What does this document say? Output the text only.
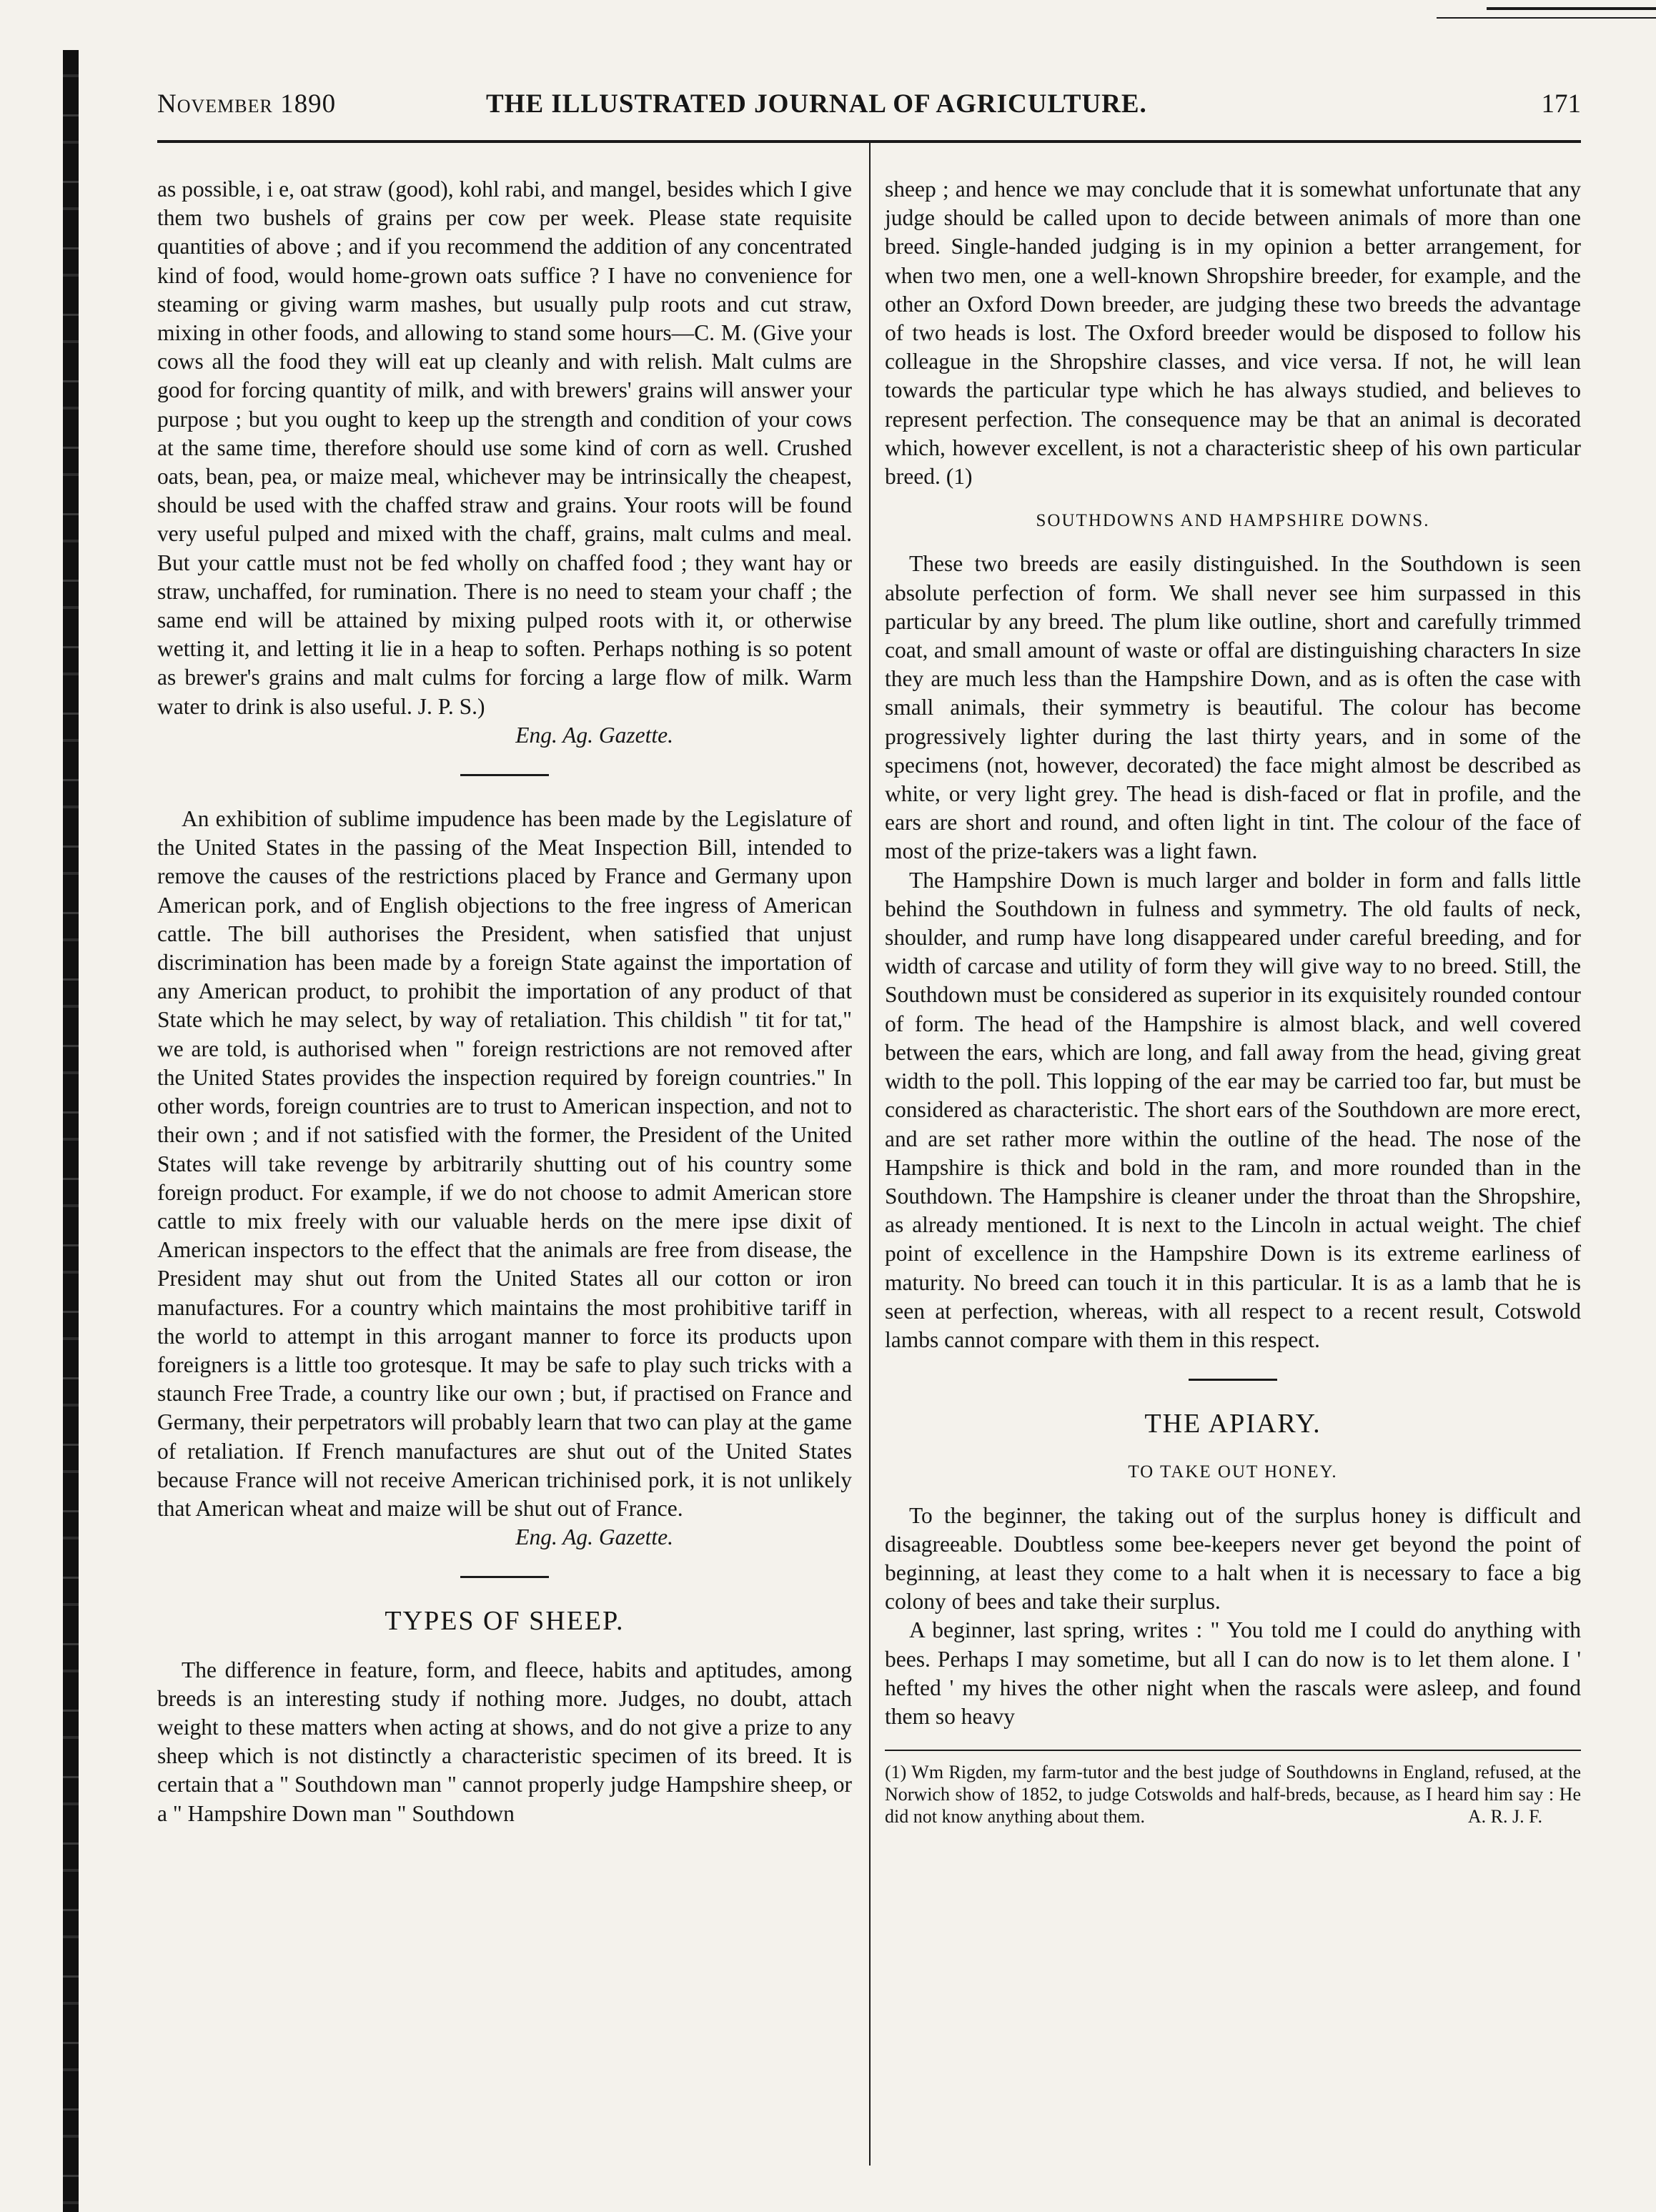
November 1890	THE ILLUSTRATED JOURNAL OF AGRICULTURE.	171

as possible, i e, oat straw (good), kohl rabi, and mangel, besides which I give them two bushels of grains per cow per week. Please state requisite quantities of above ; and if you recommend the addition of any concentrated kind of food, would home-grown oats suffice ? I have no convenience for steaming or giving warm mashes, but usually pulp roots and cut straw, mixing in other foods, and allowing to stand some hours—C. M. (Give your cows all the food they will eat up cleanly and with relish. Malt culms are good for forcing quantity of milk, and with brewers' grains will answer your purpose ; but you ought to keep up the strength and condition of your cows at the same time, therefore should use some kind of corn as well. Crushed oats, bean, pea, or maize meal, whichever may be intrinsically the cheapest, should be used with the chaffed straw and grains. Your roots will be found very useful pulped and mixed with the chaff, grains, malt culms and meal. But your cattle must not be fed wholly on chaffed food ; they want hay or straw, unchaffed, for rumination. There is no need to steam your chaff ; the same end will be attained by mixing pulped roots with it, or otherwise wetting it, and letting it lie in a heap to soften. Perhaps nothing is so potent as brewer's grains and malt culms for forcing a large flow of milk. Warm water to drink is also useful. J. P. S.)

Eng. Ag. Gazette.

An exhibition of sublime impudence has been made by the Legislature of the United States in the passing of the Meat Inspection Bill, intended to remove the causes of the restrictions placed by France and Germany upon American pork, and of English objections to the free ingress of American cattle. The bill authorises the President, when satisfied that unjust discrimination has been made by a foreign State against the importation of any American product, to prohibit the importation of any product of that State which he may select, by way of retaliation. This childish " tit for tat," we are told, is authorised when " foreign restrictions are not removed after the United States provides the inspection required by foreign countries." In other words, foreign countries are to trust to American inspection, and not to their own ; and if not satisfied with the former, the President of the United States will take revenge by arbitrarily shutting out of his country some foreign product. For example, if we do not choose to admit American store cattle to mix freely with our valuable herds on the mere ipse dixit of American inspectors to the effect that the animals are free from disease, the President may shut out from the United States all our cotton or iron manufactures. For a country which maintains the most prohibitive tariff in the world to attempt in this arrogant manner to force its products upon foreigners is a little too grotesque. It may be safe to play such tricks with a staunch Free Trade, a country like our own ; but, if practised on France and Germany, their perpetrators will probably learn that two can play at the game of retaliation. If French manufactures are shut out of the United States because France will not receive American trichinised pork, it is not unlikely that American wheat and maize will be shut out of France.

Eng. Ag. Gazette.

TYPES OF SHEEP.

The difference in feature, form, and fleece, habits and aptitudes, among breeds is an interesting study if nothing more. Judges, no doubt, attach weight to these matters when acting at shows, and do not give a prize to any sheep which is not distinctly a characteristic specimen of its breed. It is certain that a " Southdown man " cannot properly judge Hampshire sheep, or a " Hampshire Down man " Southdown

sheep ; and hence we may conclude that it is somewhat unfortunate that any judge should be called upon to decide between animals of more than one breed. Single-handed judging is in my opinion a better arrangement, for when two men, one a well-known Shropshire breeder, for example, and the other an Oxford Down breeder, are judging these two breeds the advantage of two heads is lost. The Oxford breeder would be disposed to follow his colleague in the Shropshire classes, and vice versa. If not, he will lean towards the particular type which he has always studied, and believes to represent perfection. The consequence may be that an animal is decorated which, however excellent, is not a characteristic sheep of his own particular breed. (1)

SOUTHDOWNS AND HAMPSHIRE DOWNS.

These two breeds are easily distinguished. In the Southdown is seen absolute perfection of form. We shall never see him surpassed in this particular by any breed. The plum like outline, short and carefully trimmed coat, and small amount of waste or offal are distinguishing characters In size they are much less than the Hampshire Down, and as is often the case with small animals, their symmetry is beautiful. The colour has become progressively lighter during the last thirty years, and in some of the specimens (not, however, decorated) the face might almost be described as white, or very light grey. The head is dish-faced or flat in profile, and the ears are short and round, and often light in tint. The colour of the face of most of the prize-takers was a light fawn.

The Hampshire Down is much larger and bolder in form and falls little behind the Southdown in fulness and symmetry. The old faults of neck, shoulder, and rump have long disappeared under careful breeding, and for width of carcase and utility of form they will give way to no breed. Still, the Southdown must be considered as superior in its exquisitely rounded contour of form. The head of the Hampshire is almost black, and well covered between the ears, which are long, and fall away from the head, giving great width to the poll. This lopping of the ear may be carried too far, but must be considered as characteristic. The short ears of the Southdown are more erect, and are set rather more within the outline of the head. The nose of the Hampshire is thick and bold in the ram, and more rounded than in the Southdown. The Hampshire is cleaner under the throat than the Shropshire, as already mentioned. It is next to the Lincoln in actual weight. The chief point of excellence in the Hampshire Down is its extreme earliness of maturity. No breed can touch it in this particular. It is as a lamb that he is seen at perfection, whereas, with all respect to a recent result, Cotswold lambs cannot compare with them in this respect.

THE APIARY.
TO TAKE OUT HONEY.

To the beginner, the taking out of the surplus honey is difficult and disagreeable. Doubtless some bee-keepers never get beyond the point of beginning, at least they come to a halt when it is necessary to face a big colony of bees and take their surplus.

A beginner, last spring, writes : " You told me I could do anything with bees. Perhaps I may sometime, but all I can do now is to let them alone. I ' hefted ' my hives the other night when the rascals were asleep, and found them so heavy

(1) Wm Rigden, my farm-tutor and the best judge of Southdowns in England, refused, at the Norwich show of 1852, to judge Cotswolds and half-breds, because, as I heard him say : He did not know anything about them.	A. R. J. F.
